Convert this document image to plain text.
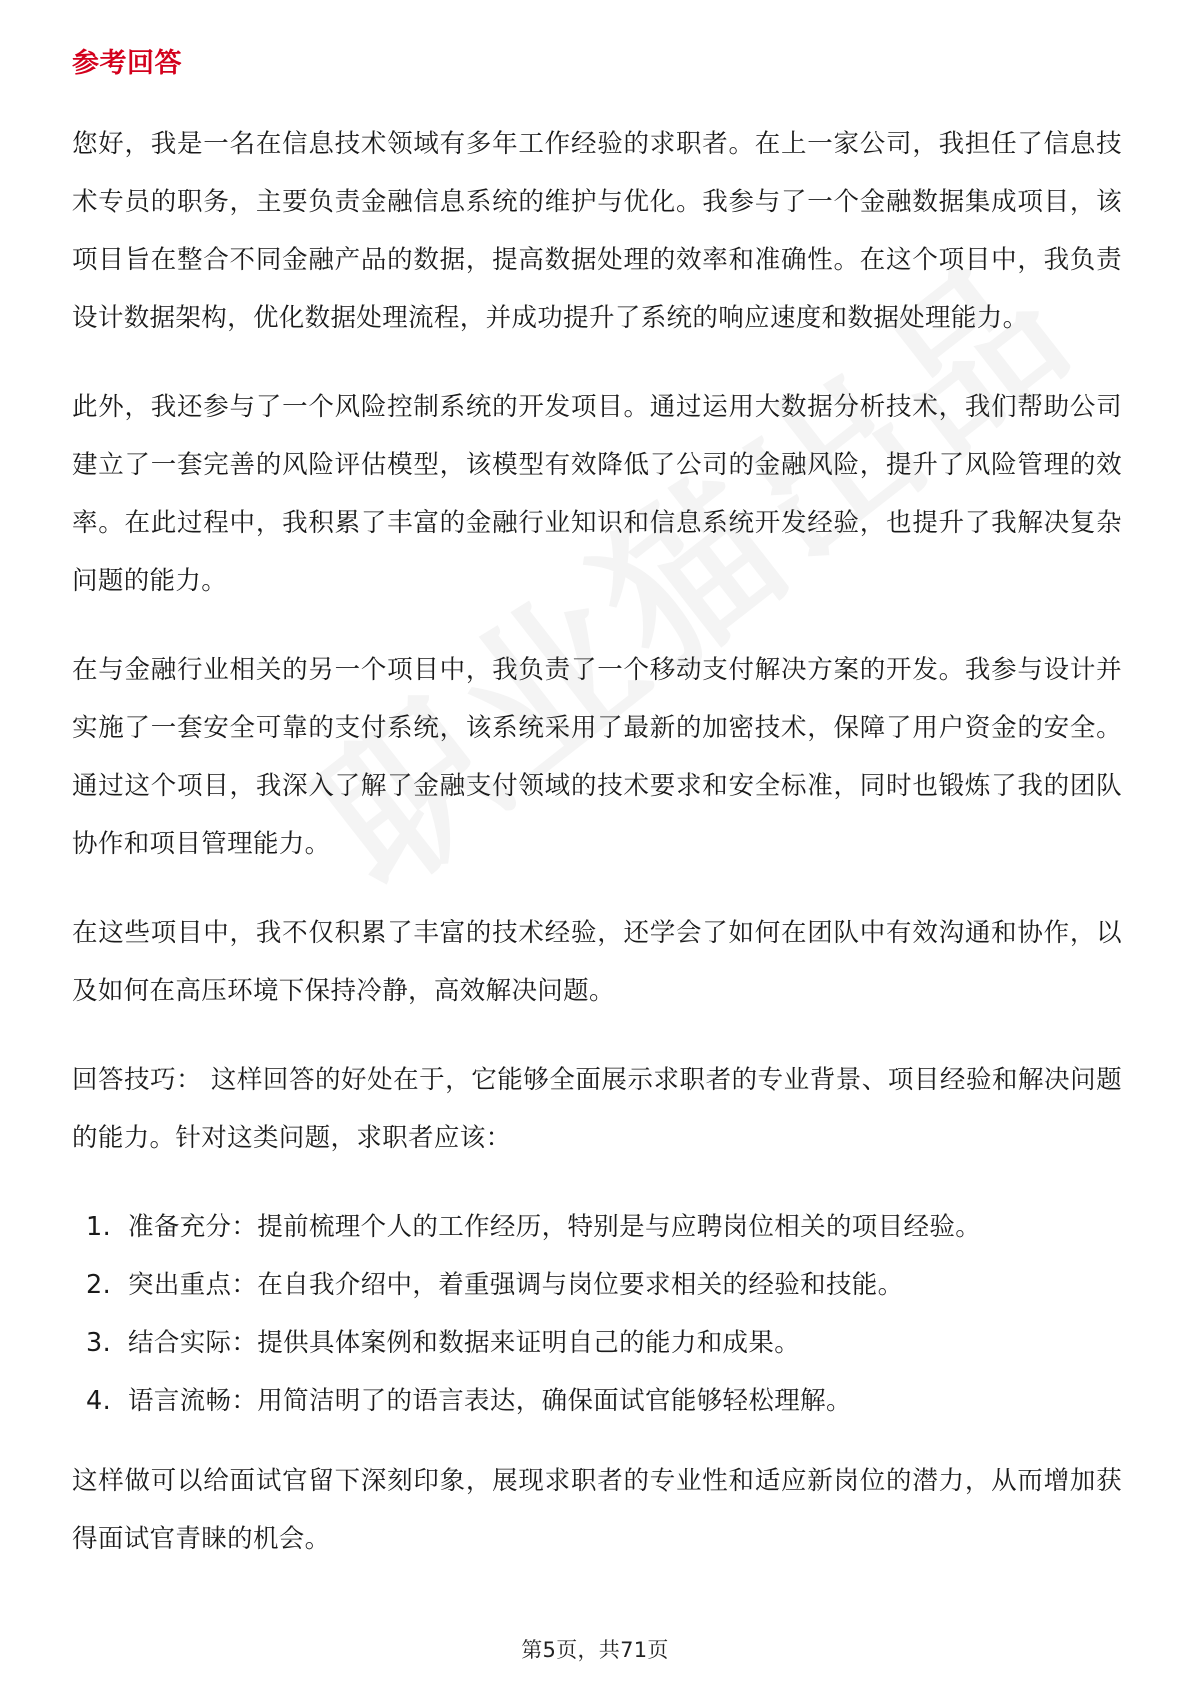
参考回答

您好，我是一名在信息技术领域有多年工作经验的求职者。在上一家公司，我担任了信息技术专员的职务，主要负责金融信息系统的维护与优化。我参与了一个金融数据集成项目，该项目旨在整合不同金融产品的数据，提高数据处理的效率和准确性。在这个项目中，我负责设计数据架构，优化数据处理流程，并成功提升了系统的响应速度和数据处理能力。

此外，我还参与了一个风险控制系统的开发项目。通过运用大数据分析技术，我们帮助公司建立了一套完善的风险评估模型，该模型有效降低了公司的金融风险，提升了风险管理的效率。在此过程中，我积累了丰富的金融行业知识和信息系统开发经验，也提升了我解决复杂问题的能力。

在与金融行业相关的另一个项目中，我负责了一个移动支付解决方案的开发。我参与设计并实施了一套安全可靠的支付系统，该系统采用了最新的加密技术，保障了用户资金的安全。通过这个项目，我深入了解了金融支付领域的技术要求和安全标准，同时也锻炼了我的团队协作和项目管理能力。

在这些项目中，我不仅积累了丰富的技术经验，还学会了如何在团队中有效沟通和协作，以及如何在高压环境下保持冷静，高效解决问题。

回答技巧： 这样回答的好处在于，它能够全面展示求职者的专业背景、项目经验和解决问题的能力。针对这类问题，求职者应该：

1. 准备充分：提前梳理个人的工作经历，特别是与应聘岗位相关的项目经验。
2. 突出重点：在自我介绍中，着重强调与岗位要求相关的经验和技能。
3. 结合实际：提供具体案例和数据来证明自己的能力和成果。
4. 语言流畅：用简洁明了的语言表达，确保面试官能够轻松理解。

这样做可以给面试官留下深刻印象，展现求职者的专业性和适应新岗位的潜力，从而增加获得面试官青睐的机会。

第5页，共71页
